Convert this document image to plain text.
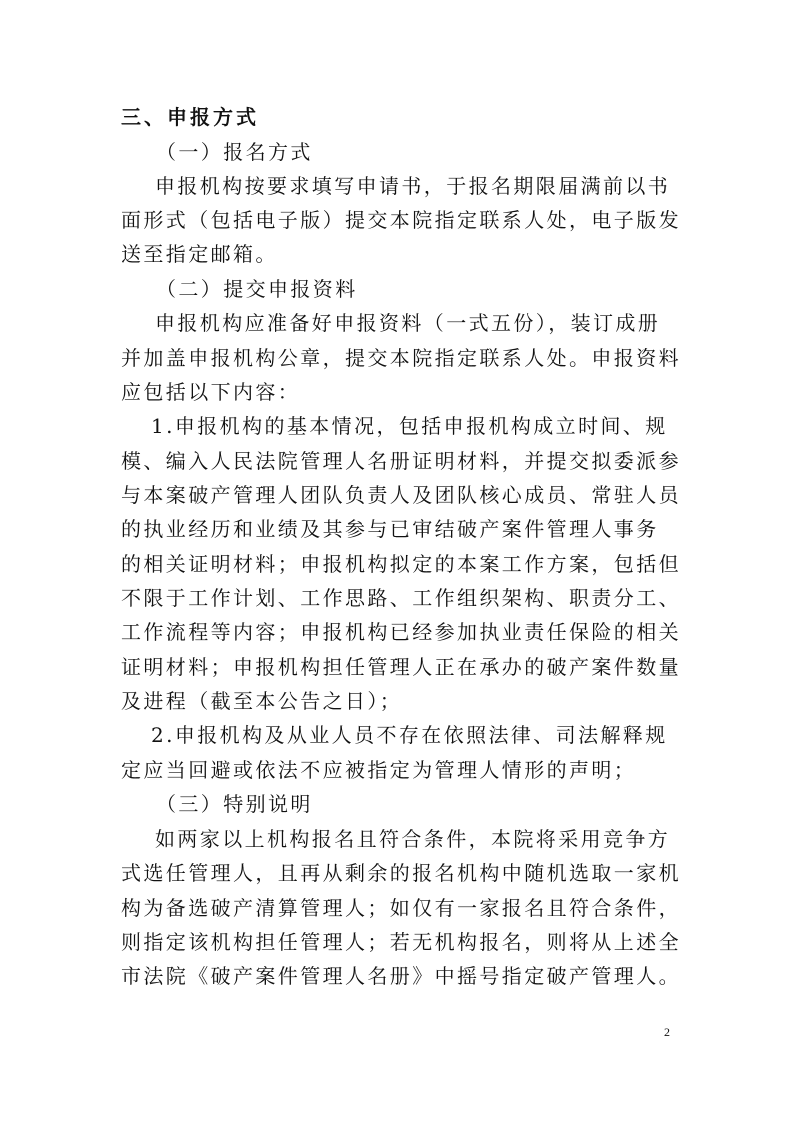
三、申报方式
（一）报名方式
申报机构按要求填写申请书，于报名期限届满前以书
面形式（包括电子版）提交本院指定联系人处，电子版发
送至指定邮箱。
（二）提交申报资料
申报机构应准备好申报资料（一式五份），装订成册
并加盖申报机构公章，提交本院指定联系人处。申报资料
应包括以下内容：
1.申报机构的基本情况，包括申报机构成立时间、规
模、编入人民法院管理人名册证明材料，并提交拟委派参
与本案破产管理人团队负责人及团队核心成员、常驻人员
的执业经历和业绩及其参与已审结破产案件管理人事务
的相关证明材料；申报机构拟定的本案工作方案，包括但
不限于工作计划、工作思路、工作组织架构、职责分工、
工作流程等内容；申报机构已经参加执业责任保险的相关
证明材料；申报机构担任管理人正在承办的破产案件数量
及进程（截至本公告之日）；
2.申报机构及从业人员不存在依照法律、司法解释规
定应当回避或依法不应被指定为管理人情形的声明；
（三）特别说明
如两家以上机构报名且符合条件，本院将采用竞争方
式选任管理人，且再从剩余的报名机构中随机选取一家机
构为备选破产清算管理人；如仅有一家报名且符合条件，
则指定该机构担任管理人；若无机构报名，则将从上述全
市法院《破产案件管理人名册》中摇号指定破产管理人。
2
